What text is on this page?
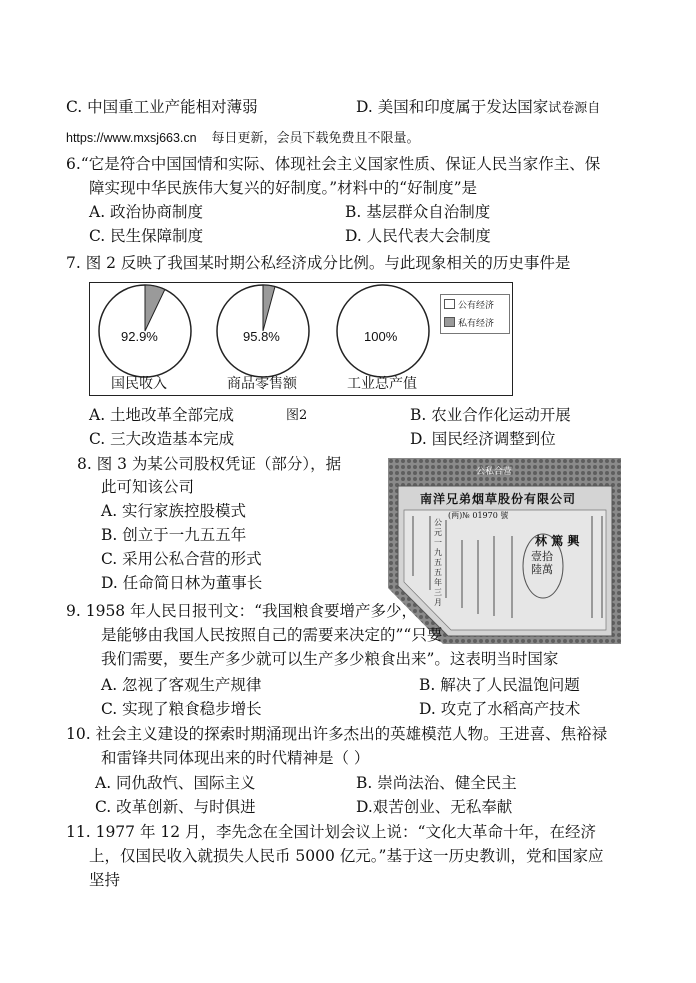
C. 中国重工业产能相对薄弱	D. 美国和印度属于发达国家试卷源自
https://www.mxsj663.cn 每日更新，会员下载免费且不限量。
6.“它是符合中国国情和实际、体现社会主义国家性质、保证人民当家作主、保
障实现中华民族伟大复兴的好制度。”材料中的“好制度”是
A. 政治协商制度	B. 基层群众自治制度
C. 民生保障制度	D. 人民代表大会制度
7. 图 2 反映了我国某时期公私经济成分比例。与此现象相关的历史事件是
92.9%	95.8%	100%
国民收入	商品零售额	工业总产值
公有经济
私有经济
A. 土地改革全部完成	图2	B. 农业合作化运动开展
C. 三大改造基本完成	D. 国民经济调整到位
8. 图 3 为某公司股权凭证（部分），据
此可知该公司
A. 实行家族控股模式
B. 创立于一九五五年
C. 采用公私合营的形式
D. 任命简日林为董事长
公私合营
南洋兄弟烟草股份有限公司
(两)№ 01970 號
公元一九五五年三月
林 篤 興
壹拾陸萬
9. 1958 年人民日报刊文：“我国粮食要增产多少，
是能够由我国人民按照自己的需要来决定的”“只要
我们需要，要生产多少就可以生产多少粮食出来”。这表明当时国家
A. 忽视了客观生产规律	B. 解决了人民温饱问题
C. 实现了粮食稳步增长	D. 攻克了水稻高产技术
10. 社会主义建设的探索时期涌现出许多杰出的英雄模范人物。王进喜、焦裕禄
和雷锋共同体现出来的时代精神是（ ）
A. 同仇敌忾、国际主义	B. 崇尚法治、健全民主
C. 改革创新、与时俱进	D.艰苦创业、无私奉献
11. 1977 年 12 月，李先念在全国计划会议上说：“文化大革命十年，在经济
上，仅国民收入就损失人民币 5000 亿元。”基于这一历史教训，党和国家应
坚持
